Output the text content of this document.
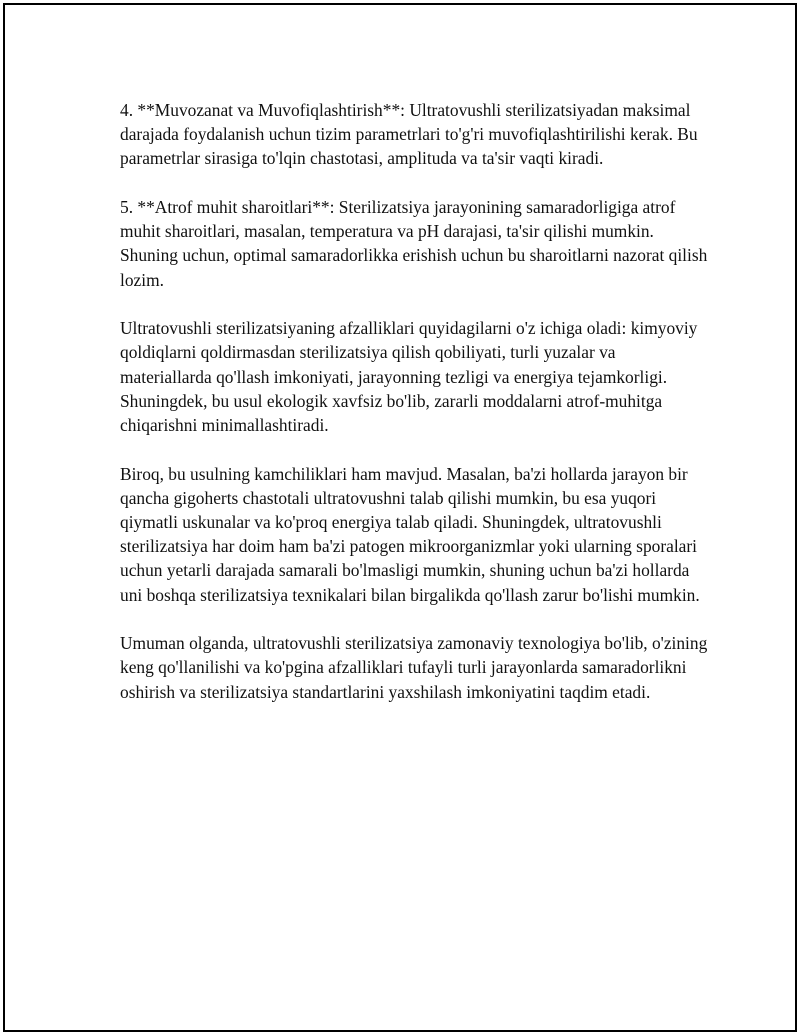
4. **Muvozanat va Muvofiqlashtirish**: Ultratovushli sterilizatsiyadan maksimal darajada foydalanish uchun tizim parametrlari to'g'ri muvofiqlashtirilishi kerak. Bu parametrlar sirasiga to'lqin chastotasi, amplituda va ta'sir vaqti kiradi.

5. **Atrof muhit sharoitlari**: Sterilizatsiya jarayonining samaradorligiga atrof muhit sharoitlari, masalan, temperatura va pH darajasi, ta'sir qilishi mumkin. Shuning uchun, optimal samaradorlikka erishish uchun bu sharoitlarni nazorat qilish lozim.

Ultratovushli sterilizatsiyaning afzalliklari quyidagilarni o'z ichiga oladi: kimyoviy qoldiqlarni qoldirmasdan sterilizatsiya qilish qobiliyati, turli yuzalar va materiallarda qo'llash imkoniyati, jarayonning tezligi va energiya tejamkorligi. Shuningdek, bu usul ekologik xavfsiz bo'lib, zararli moddalarni atrof-muhitga chiqarishni minimallashtiradi.

Biroq, bu usulning kamchiliklari ham mavjud. Masalan, ba'zi hollarda jarayon bir qancha gigoherts chastotali ultratovushni talab qilishi mumkin, bu esa yuqori qiymatli uskunalar va ko'proq energiya talab qiladi. Shuningdek, ultratovushli sterilizatsiya har doim ham ba'zi patogen mikroorganizmlar yoki ularning sporalari uchun yetarli darajada samarali bo'lmasligi mumkin, shuning uchun ba'zi hollarda uni boshqa sterilizatsiya texnikalari bilan birgalikda qo'llash zarur bo'lishi mumkin.

Umuman olganda, ultratovushli sterilizatsiya zamonaviy texnologiya bo'lib, o'zining keng qo'llanilishi va ko'pgina afzalliklari tufayli turli jarayonlarda samaradorlikni oshirish va sterilizatsiya standartlarini yaxshilash imkoniyatini taqdim etadi.
